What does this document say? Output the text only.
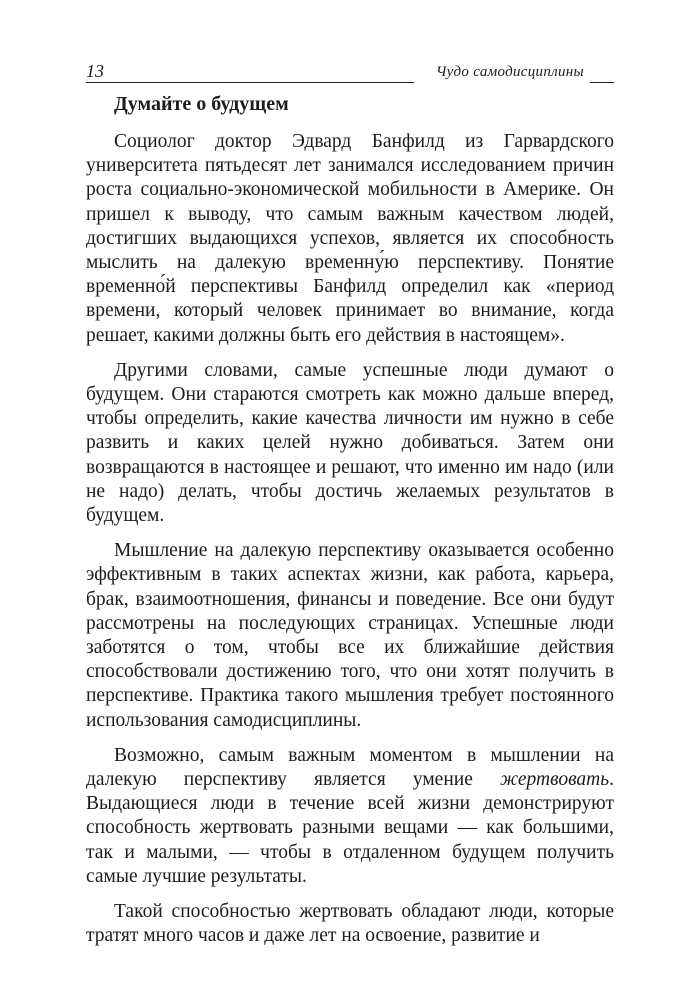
13	Чудо самодисциплины
Думайте о будущем

Социолог доктор Эдвард Банфилд из Гарвардского университета пятьдесят лет занимался исследованием причин роста социально-экономической мобильности в Америке. Он пришел к выводу, что самым важным качеством людей, достигших выдающихся успехов, является их способность мыслить на далекую временну́ю перспективу. Понятие временно́й перспективы Банфилд определил как «период времени, который человек принимает во внимание, когда решает, какими должны быть его действия в настоящем».

Другими словами, самые успешные люди думают о будущем. Они стараются смотреть как можно дальше вперед, чтобы определить, какие качества личности им нужно в себе развить и каких целей нужно добиваться. Затем они возвращаются в настоящее и решают, что именно им надо (или не надо) делать, чтобы достичь желаемых результатов в будущем.

Мышление на далекую перспективу оказывается особенно эффективным в таких аспектах жизни, как работа, карьера, брак, взаимоотношения, финансы и поведение. Все они будут рассмотрены на последующих страницах. Успешные люди заботятся о том, чтобы все их ближайшие действия способствовали достижению того, что они хотят получить в перспективе. Практика такого мышления требует постоянного использования самодисциплины.

Возможно, самым важным моментом в мышлении на далекую перспективу является умение жертвовать. Выдающиеся люди в течение всей жизни демонстрируют способность жертвовать разными вещами — как большими, так и малыми, — чтобы в отдаленном будущем получить самые лучшие результаты.

Такой способностью жертвовать обладают люди, которые тратят много часов и даже лет на освоение, развитие и
